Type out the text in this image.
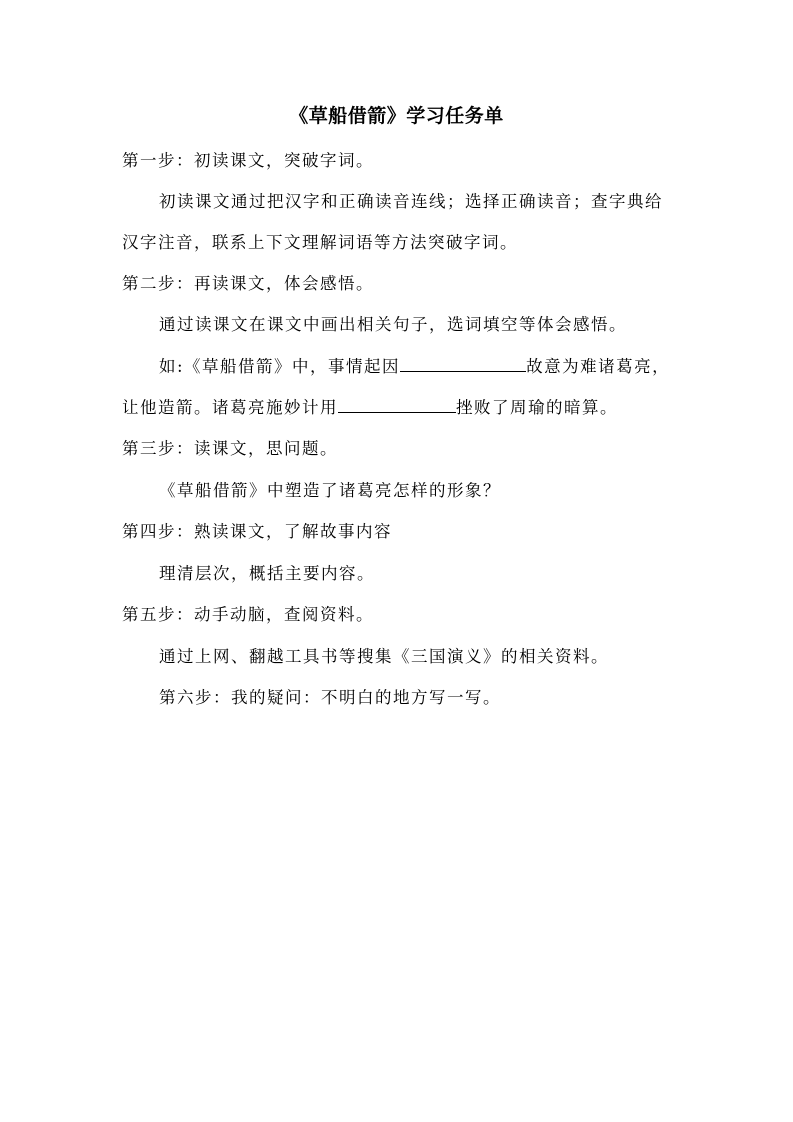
《草船借箭》学习任务单
第一步：初读课文，突破字词。
初读课文通过把汉字和正确读音连线；选择正确读音；查字典给
汉字注音，联系上下文理解词语等方法突破字词。
第二步：再读课文，体会感悟。
通过读课文在课文中画出相关句子，选词填空等体会感悟。
如:《草船借箭》中，事情起因	故意为难诸葛亮，
让他造箭。诸葛亮施妙计用	挫败了周瑜的暗算。
第三步：读课文，思问题。
《草船借箭》中塑造了诸葛亮怎样的形象？
第四步：熟读课文，了解故事内容
理清层次，概括主要内容。
第五步：动手动脑，查阅资料。
通过上网、翻越工具书等搜集《三国演义》的相关资料。
第六步：我的疑问：不明白的地方写一写。
